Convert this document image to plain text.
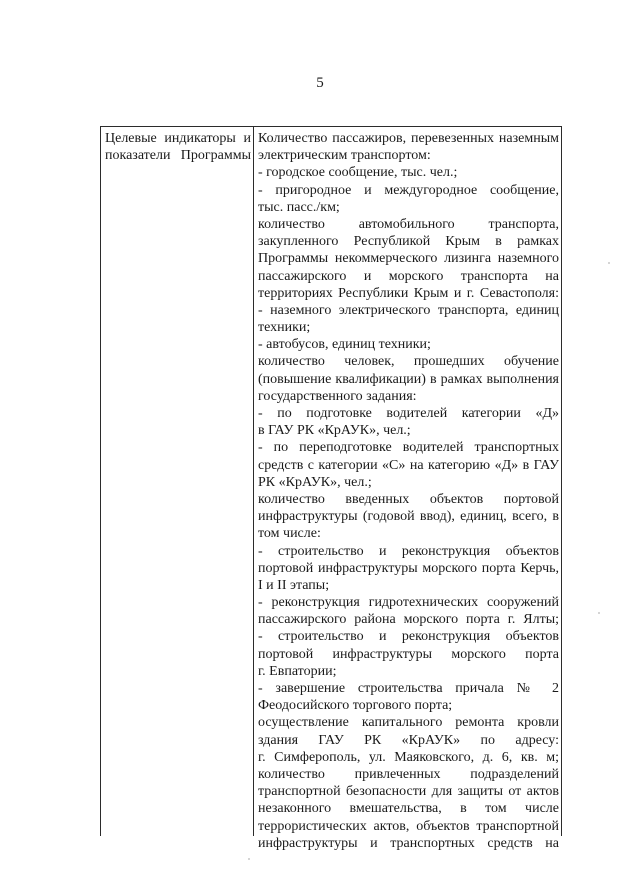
5
Целевые индикаторы и
показатели Программы
Количество пассажиров, перевезенных наземным
электрическим транспортом:
- городское сообщение, тыс. чел.;
- пригородное и междугородное сообщение,
тыс. пасс./км;
количество автомобильного транспорта,
закупленного Республикой Крым в рамках
Программы некоммерческого лизинга наземного
пассажирского и морского транспорта на
территориях Республики Крым и г. Севастополя:
- наземного электрического транспорта, единиц
техники;
- автобусов, единиц техники;
количество человек, прошедших обучение
(повышение квалификации) в рамках выполнения
государственного задания:
- по подготовке водителей категории «Д»
в ГАУ РК «КрАУК», чел.;
- по переподготовке водителей транспортных
средств с категории «С» на категорию «Д» в ГАУ
РК «КрАУК», чел.;
количество введенных объектов портовой
инфраструктуры (годовой ввод), единиц, всего, в
том числе:
- строительство и реконструкция объектов
портовой инфраструктуры морского порта Керчь,
I и II этапы;
- реконструкция гидротехнических сооружений
пассажирского района морского порта г. Ялты;
- строительство и реконструкция объектов
портовой инфраструктуры морского порта
г. Евпатории;
- завершение строительства причала № 2
Феодосийского торгового порта;
осуществление капитального ремонта кровли
здания ГАУ РК «КрАУК» по адресу:
г. Симферополь, ул. Маяковского, д. 6, кв. м;
количество привлеченных подразделений
транспортной безопасности для защиты от актов
незаконного вмешательства, в том числе
террористических актов, объектов транспортной
инфраструктуры и транспортных средств на
